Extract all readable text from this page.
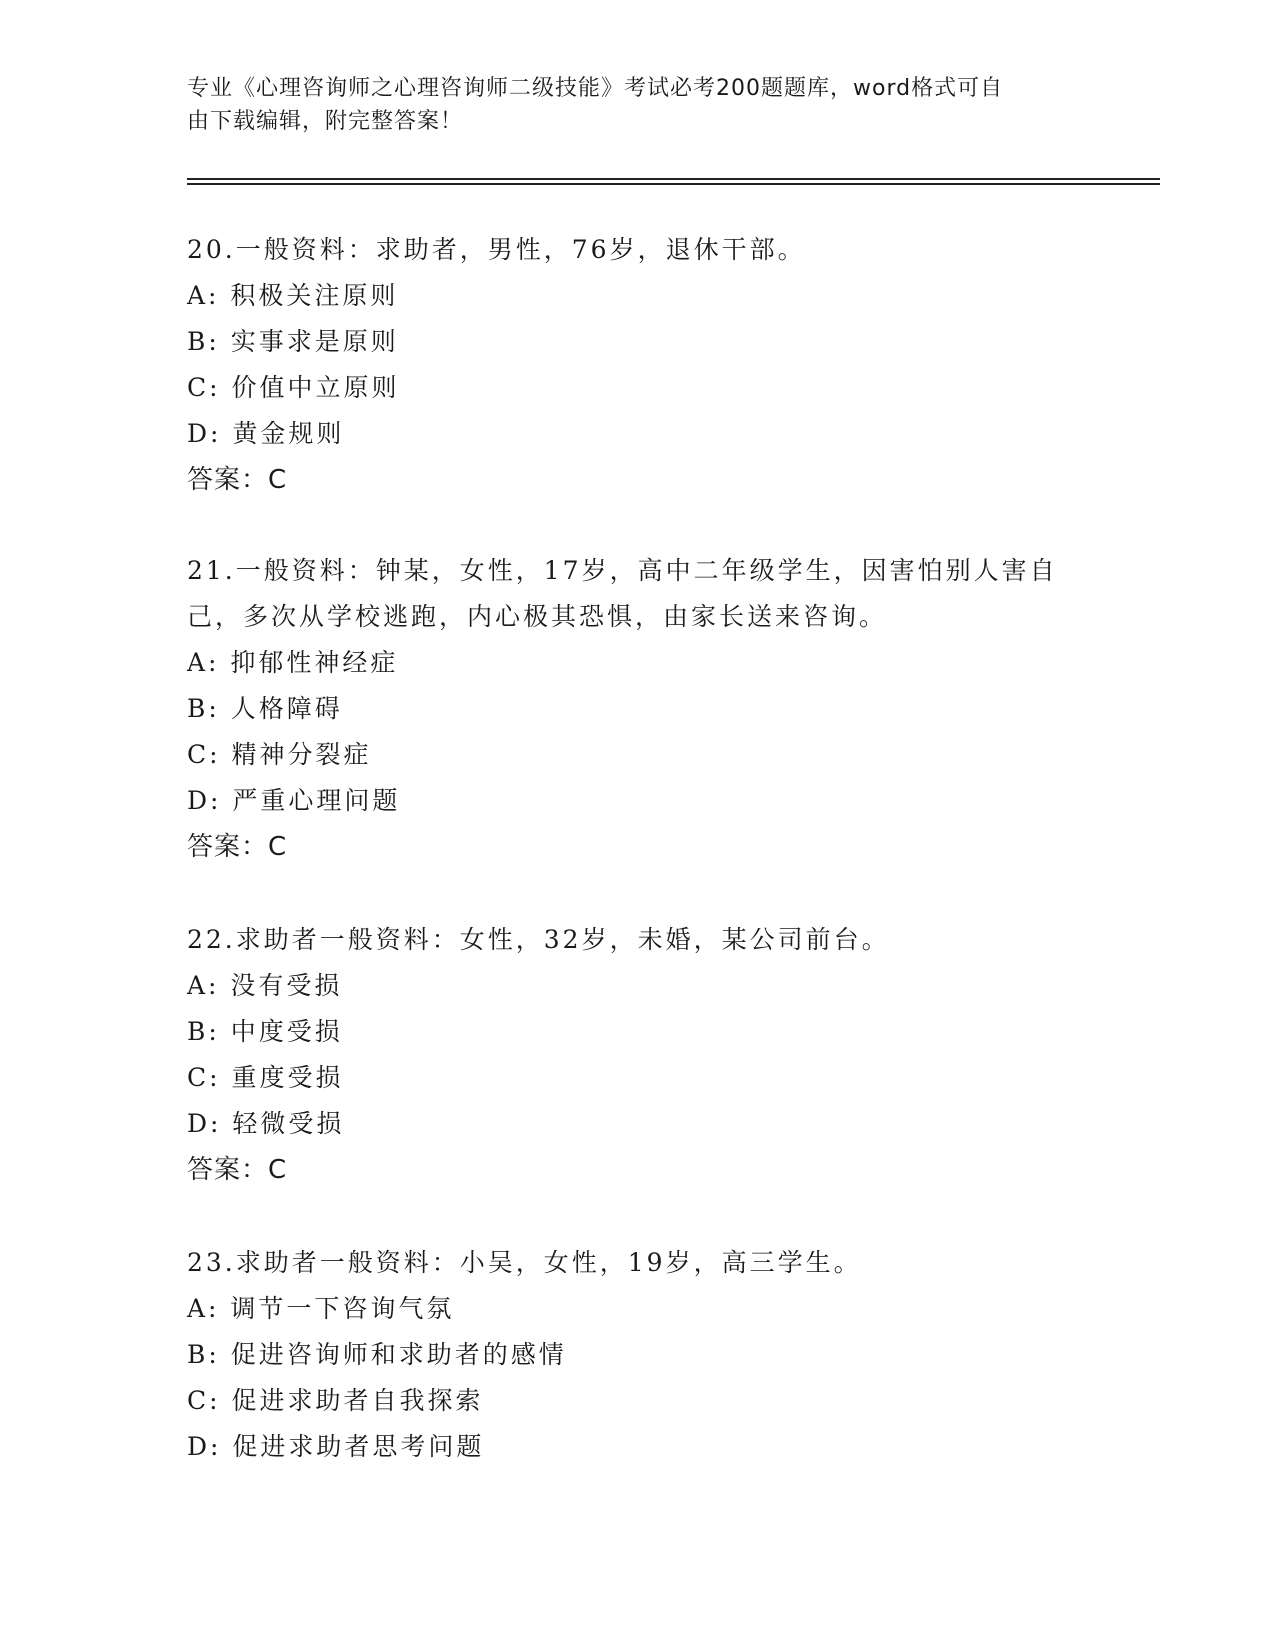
专业《心理咨询师之心理咨询师二级技能》考试必考200题题库，word格式可自
由下载编辑，附完整答案！
20.一般资料：求助者，男性，76岁，退休干部。
A: 积极关注原则
B: 实事求是原则
C: 价值中立原则
D: 黄金规则
答案：C
21.一般资料：钟某，女性，17岁，高中二年级学生，因害怕别人害自
己，多次从学校逃跑，内心极其恐惧，由家长送来咨询。
A: 抑郁性神经症
B: 人格障碍
C: 精神分裂症
D: 严重心理问题
答案：C
22.求助者一般资料：女性，32岁，未婚，某公司前台。
A: 没有受损
B: 中度受损
C: 重度受损
D: 轻微受损
答案：C
23.求助者一般资料：小吴，女性，19岁，高三学生。
A: 调节一下咨询气氛
B: 促进咨询师和求助者的感情
C: 促进求助者自我探索
D: 促进求助者思考问题
